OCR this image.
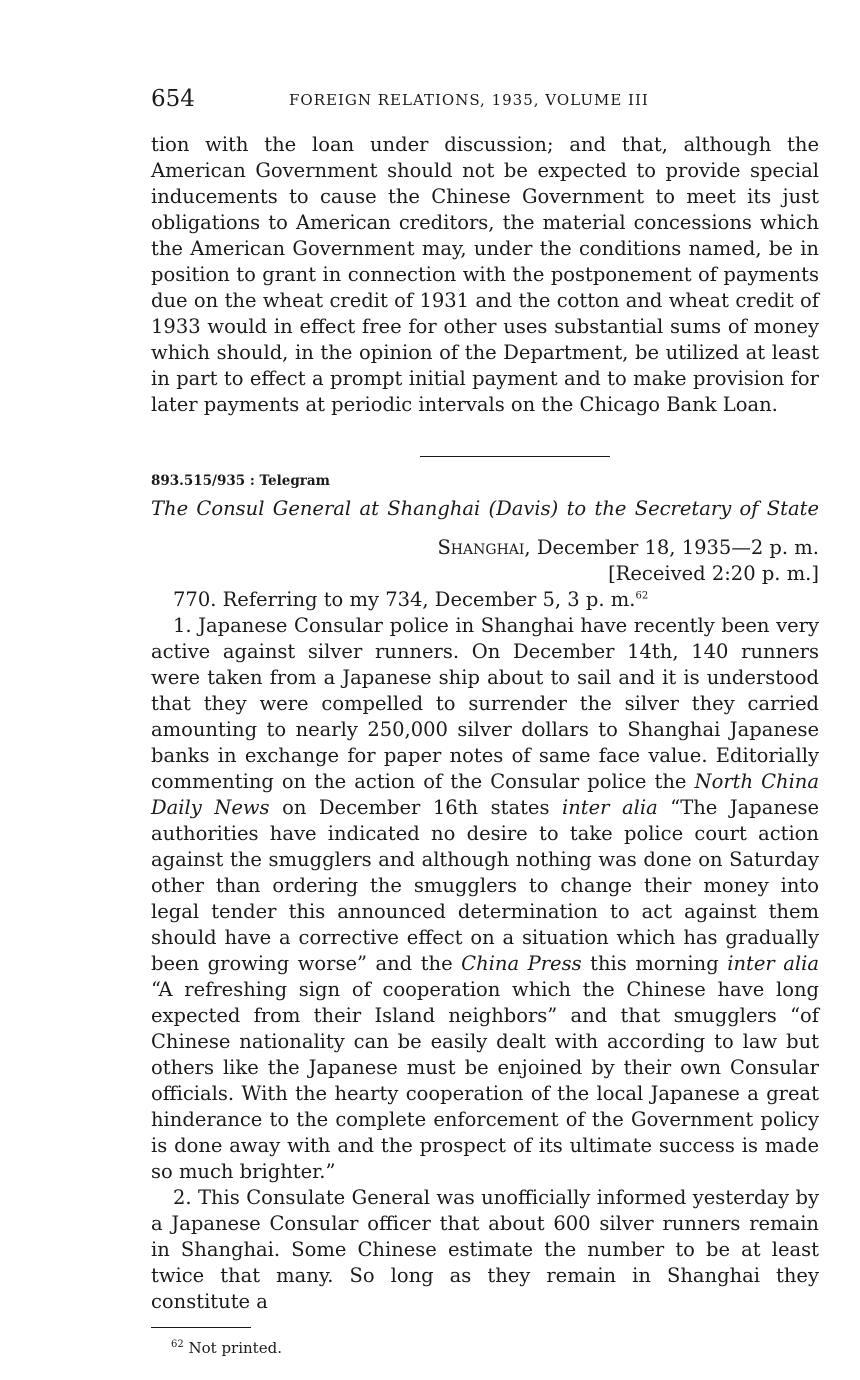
654	FOREIGN RELATIONS, 1935, VOLUME III

tion with the loan under discussion; and that, although the American Government should not be expected to provide special inducements to cause the Chinese Government to meet its just obligations to American creditors, the material concessions which the American Government may, under the conditions named, be in position to grant in connection with the postponement of payments due on the wheat credit of 1931 and the cotton and wheat credit of 1933 would in effect free for other uses substantial sums of money which should, in the opinion of the Department, be utilized at least in part to effect a prompt initial payment and to make provision for later payments at periodic intervals on the Chicago Bank Loan.

893.515/935 : Telegram
The Consul General at Shanghai (Davis) to the Secretary of State
Shanghai, December 18, 1935—2 p. m.
[Received 2:20 p. m.]

770. Referring to my 734, December 5, 3 p. m.$^{62}$

1. Japanese Consular police in Shanghai have recently been very active against silver runners. On December 14th, 140 runners were taken from a Japanese ship about to sail and it is understood that they were compelled to surrender the silver they carried amounting to nearly 250,000 silver dollars to Shanghai Japanese banks in exchange for paper notes of same face value. Editorially commenting on the action of the Consular police the North China Daily News on December 16th states inter alia “The Japanese authorities have indicated no desire to take police court action against the smugglers and although nothing was done on Saturday other than ordering the smugglers to change their money into legal tender this announced determination to act against them should have a corrective effect on a situation which has gradually been growing worse” and the China Press this morning inter alia “A refreshing sign of cooperation which the Chinese have long expected from their Island neighbors” and that smugglers “of Chinese nationality can be easily dealt with according to law but others like the Japanese must be enjoined by their own Consular officials. With the hearty cooperation of the local Japanese a great hinderance to the complete enforcement of the Government policy is done away with and the prospect of its ultimate success is made so much brighter.”

2. This Consulate General was unofficially informed yesterday by a Japanese Consular officer that about 600 silver runners remain in Shanghai. Some Chinese estimate the number to be at least twice that many. So long as they remain in Shanghai they constitute a

$^{62}$ Not printed.
